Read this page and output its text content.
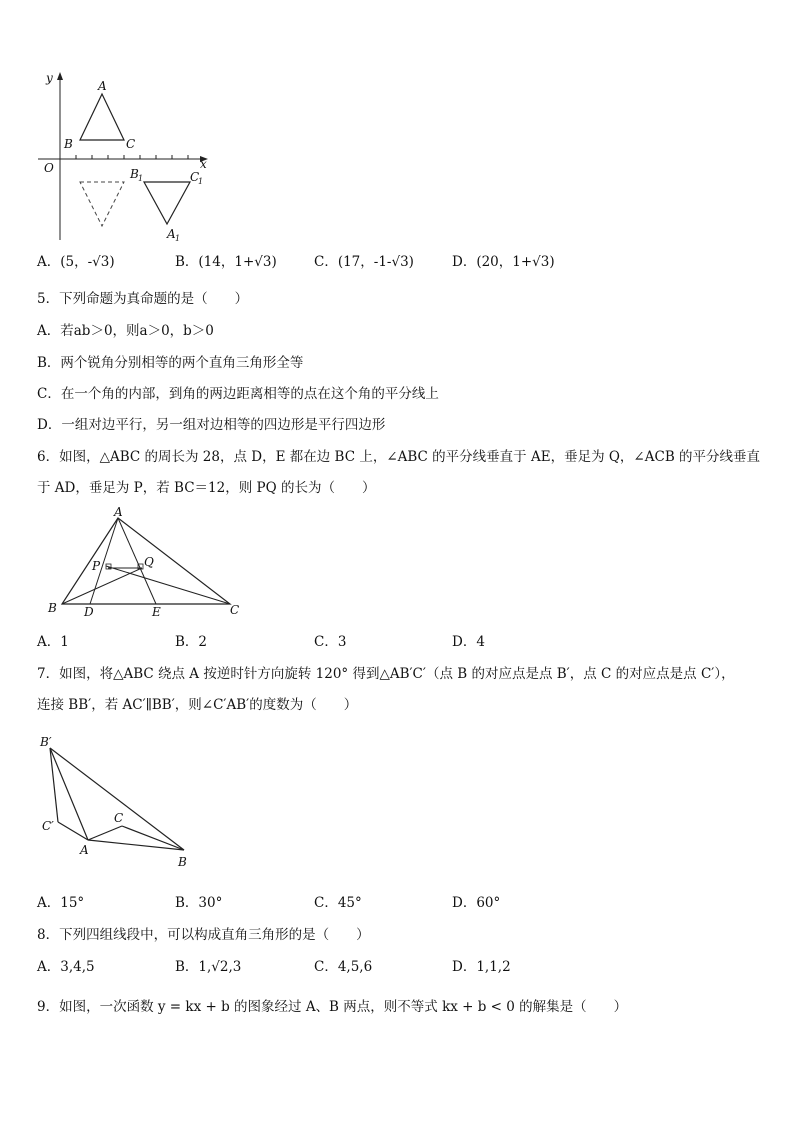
y
x
O
A
B	C
B 1	C
1
A 1
A．(5，-√3)	B．(14，1+√3)	C．(17，-1-√3)	D．(20，1+√3)
5．下列命题为真命题的是（　　）
A．若ab＞0，则a＞0，b＞0
B．两个锐角分别相等的两个直角三角形全等
C．在一个角的内部，到角的两边距离相等的点在这个角的平分线上
D．一组对边平行，另一组对边相等的四边形是平行四边形
6．如图，△ABC 的周长为 28，点 D，E 都在边 BC 上，∠ABC 的平分线垂直于 AE，垂足为 Q，∠ACB 的平分线垂直
于 AD，垂足为 P，若 BC＝12，则 PQ 的长为（　　）
A
B	C
D	E
P	Q
A．1	B．2	C．3	D．4
7．如图，将△ABC 绕点 A 按逆时针方向旋转 120° 得到△AB′C′（点 B 的对应点是点 B′，点 C 的对应点是点 C′），
连接 BB′，若 AC′∥BB′，则∠C′AB′的度数为（　　）
B′
C′
A
C
B
A．15°	B．30°	C．45°	D．60°
8．下列四组线段中，可以构成直角三角形的是（　　）
A．3,4,5	B．1,√2,3	C．4,5,6	D．1,1,2
9．如图，一次函数 y = kx + b 的图象经过 A、B 两点，则不等式 kx + b < 0 的解集是（　　）
